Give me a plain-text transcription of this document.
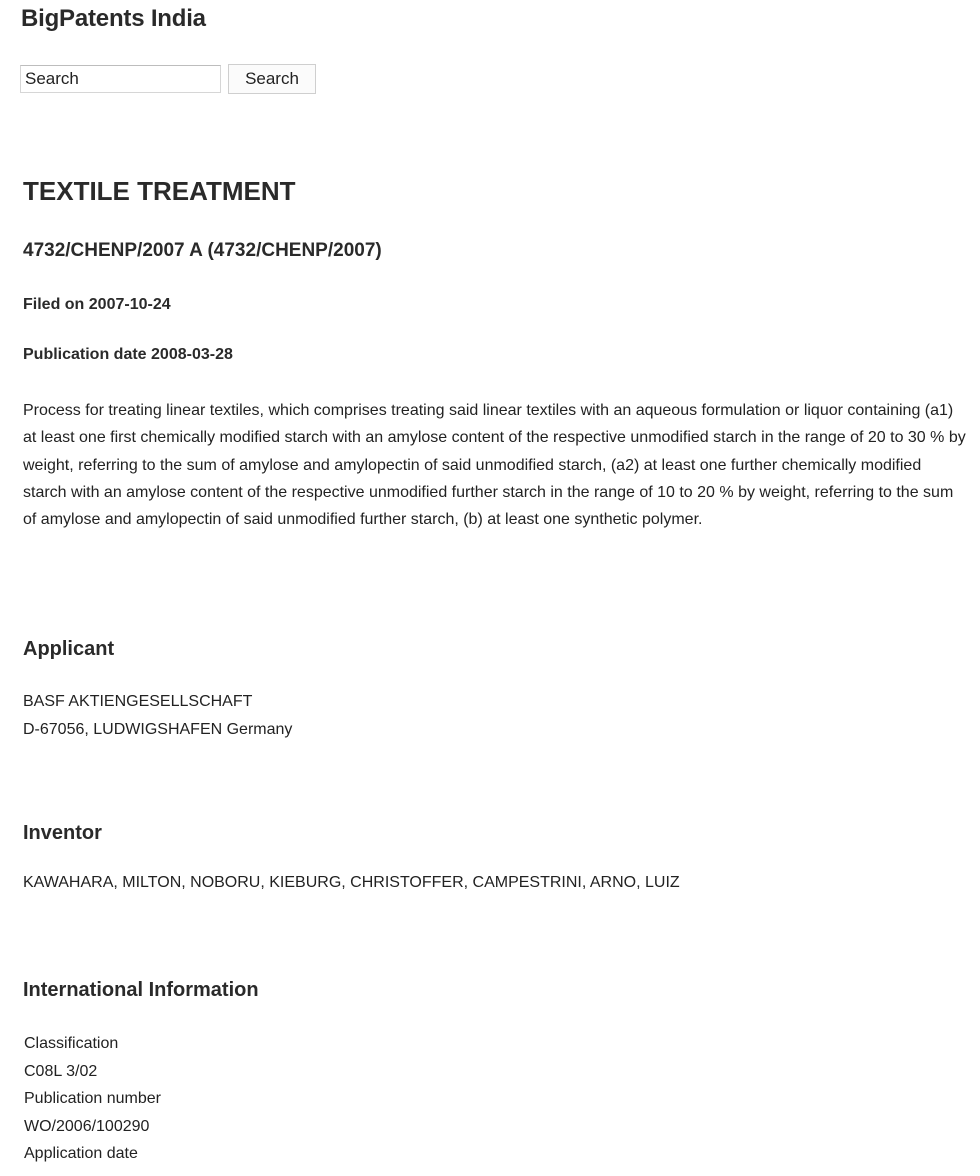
BigPatents India
Search
Search
TEXTILE TREATMENT
4732/CHENP/2007 A (4732/CHENP/2007)

Filed on 2007-10-24

Publication date 2008-03-28

Process for treating linear textiles, which comprises treating said linear textiles with an aqueous formulation or liquor containing (a1) at least one first chemically modified starch with an amylose content of the respective unmodified starch in the range of 20 to 30 % by weight, referring to the sum of amylose and amylopectin of said unmodified starch, (a2) at least one further chemically modified starch with an amylose content of the respective unmodified further starch in the range of 10 to 20 % by weight, referring to the sum of amylose and amylopectin of said unmodified further starch, (b) at least one synthetic polymer.

Applicant
BASF AKTIENGESELLSCHAFT
D-67056, LUDWIGSHAFEN Germany
Inventor

KAWAHARA, MILTON, NOBORU, KIEBURG, CHRISTOFFER, CAMPESTRINI, ARNO, LUIZ

International Information
Classification
C08L 3/02
Publication number
WO/2006/100290
Application date
